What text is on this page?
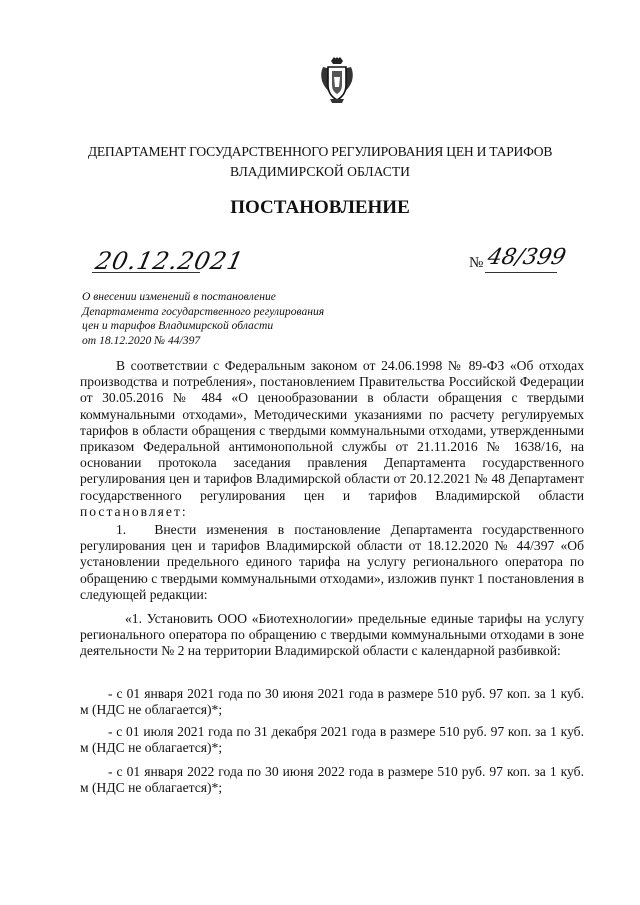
ДЕПАРТАМЕНТ ГОСУДАРСТВЕННОГО РЕГУЛИРОВАНИЯ ЦЕН И ТАРИФОВ
ВЛАДИМИРСКОЙ ОБЛАСТИ
ПОСТАНОВЛЕНИЕ
20.12.2021	№ 48/399
О внесении изменений в постановление
Департамента государственного регулирования
цен и тарифов Владимирской области
от 18.12.2020 № 44/397
В соответствии с Федеральным законом от 24.06.1998 № 89-ФЗ «Об отходах производства и потребления», постановлением Правительства Российской Федерации от 30.05.2016 № 484 «О ценообразовании в области обращения с твердыми коммунальными отходами», Методическими указаниями по расчету регулируемых тарифов в области обращения с твердыми коммунальными отходами, утвержденными приказом Федеральной антимонопольной службы от 21.11.2016 № 1638/16, на основании протокола заседания правления Департамента государственного регулирования цен и тарифов Владимирской области от 20.12.2021 № 48 Департамент государственного регулирования цен и тарифов Владимирской области постановляет:
1. Внести изменения в постановление Департамента государственного регулирования цен и тарифов Владимирской области от 18.12.2020 № 44/397 «Об установлении предельного единого тарифа на услугу регионального оператора по обращению с твердыми коммунальными отходами», изложив пункт 1 постановления в следующей редакции:
«1. Установить ООО «Биотехнологии» предельные единые тарифы на услугу регионального оператора по обращению с твердыми коммунальными отходами в зоне деятельности № 2 на территории Владимирской области с календарной разбивкой:
- с 01 января 2021 года по 30 июня 2021 года в размере 510 руб. 97 коп. за 1 куб. м (НДС не облагается)*;
- с 01 июля 2021 года по 31 декабря 2021 года в размере 510 руб. 97 коп. за 1 куб. м (НДС не облагается)*;
- с 01 января 2022 года по 30 июня 2022 года в размере 510 руб. 97 коп. за 1 куб. м (НДС не облагается)*;
